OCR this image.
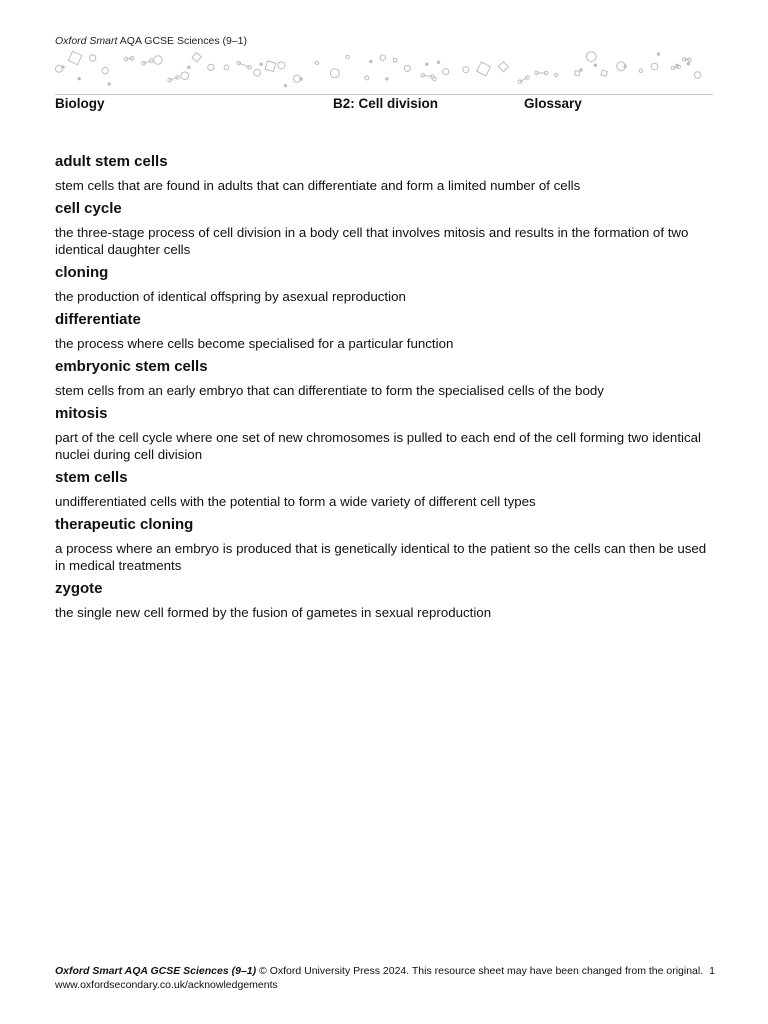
Oxford Smart AQA GCSE Sciences (9–1)
Biology	B2: Cell division	Glossary
adult stem cells
stem cells that are found in adults that can differentiate and form a limited number of cells
cell cycle
the three-stage process of cell division in a body cell that involves mitosis and results in the formation of two identical daughter cells
cloning
the production of identical offspring by asexual reproduction
differentiate
the process where cells become specialised for a particular function
embryonic stem cells
stem cells from an early embryo that can differentiate to form the specialised cells of the body
mitosis
part of the cell cycle where one set of new chromosomes is pulled to each end of the cell forming two identical nuclei during cell division
stem cells
undifferentiated cells with the potential to form a wide variety of different cell types
therapeutic cloning
a process where an embryo is produced that is genetically identical to the patient so the cells can then be used in medical treatments
zygote
the single new cell formed by the fusion of gametes in sexual reproduction
Oxford Smart AQA GCSE Sciences (9–1) © Oxford University Press 2024. This resource sheet may have been changed from the original. 1
www.oxfordsecondary.co.uk/acknowledgements
